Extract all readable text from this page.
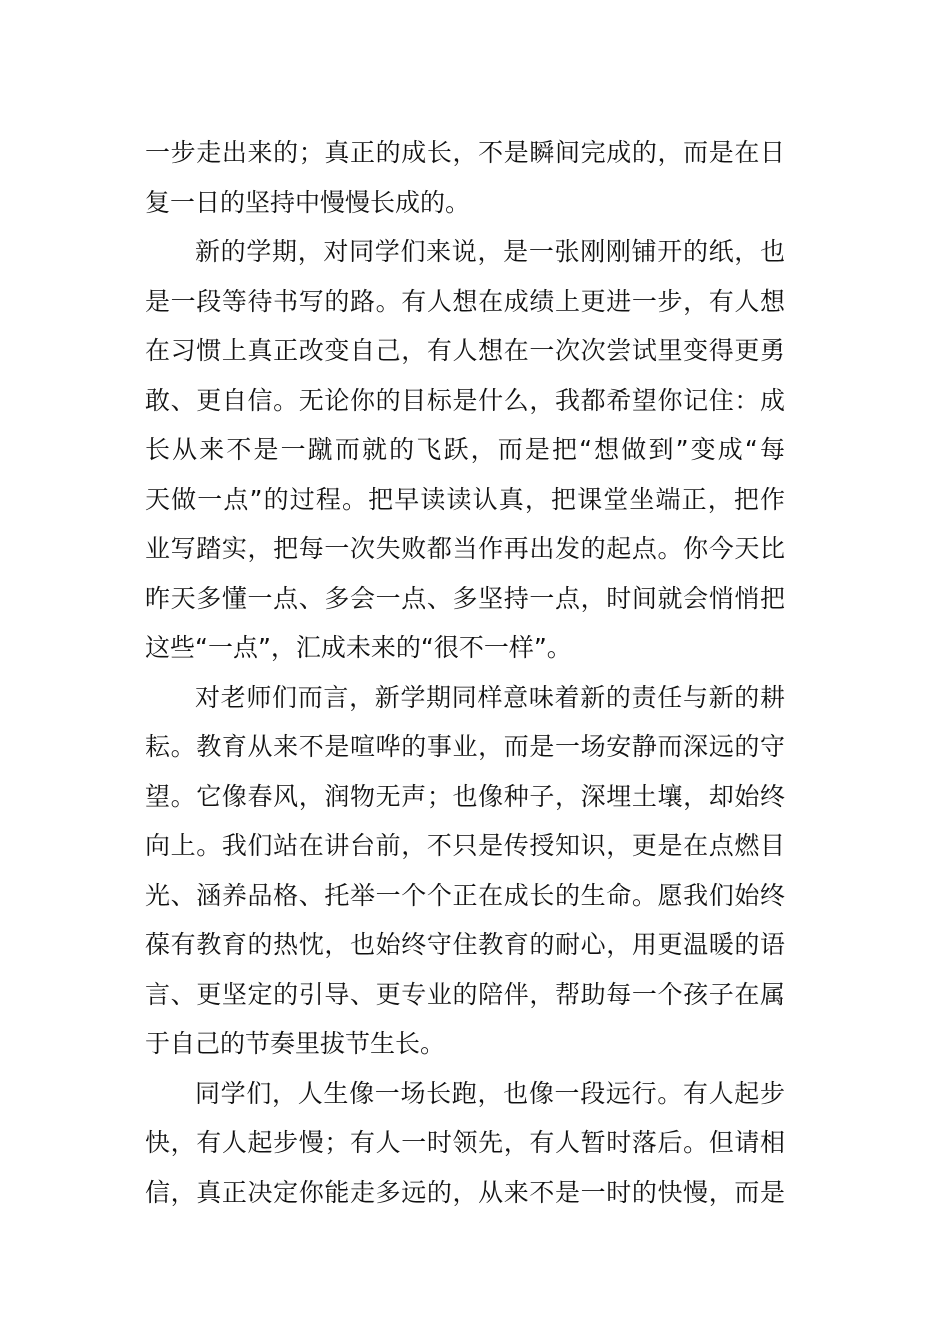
一步走出来的；真正的成长，不是瞬间完成的，而是在日
复一日的坚持中慢慢长成的。
新的学期，对同学们来说，是一张刚刚铺开的纸，也
是一段等待书写的路。有人想在成绩上更进一步，有人想
在习惯上真正改变自己，有人想在一次次尝试里变得更勇
敢、更自信。无论你的目标是什么，我都希望你记住：成
长从来不是一蹴而就的飞跃，而是把“想做到”变成“每
天做一点”的过程。把早读读认真，把课堂坐端正，把作
业写踏实，把每一次失败都当作再出发的起点。你今天比
昨天多懂一点、多会一点、多坚持一点，时间就会悄悄把
这些“一点”，汇成未来的“很不一样”。
对老师们而言，新学期同样意味着新的责任与新的耕
耘。教育从来不是喧哗的事业，而是一场安静而深远的守
望。它像春风，润物无声；也像种子，深埋土壤，却始终
向上。我们站在讲台前，不只是传授知识，更是在点燃目
光、涵养品格、托举一个个正在成长的生命。愿我们始终
葆有教育的热忱，也始终守住教育的耐心，用更温暖的语
言、更坚定的引导、更专业的陪伴，帮助每一个孩子在属
于自己的节奏里拔节生长。
同学们，人生像一场长跑，也像一段远行。有人起步
快，有人起步慢；有人一时领先，有人暂时落后。但请相
信，真正决定你能走多远的，从来不是一时的快慢，而是
